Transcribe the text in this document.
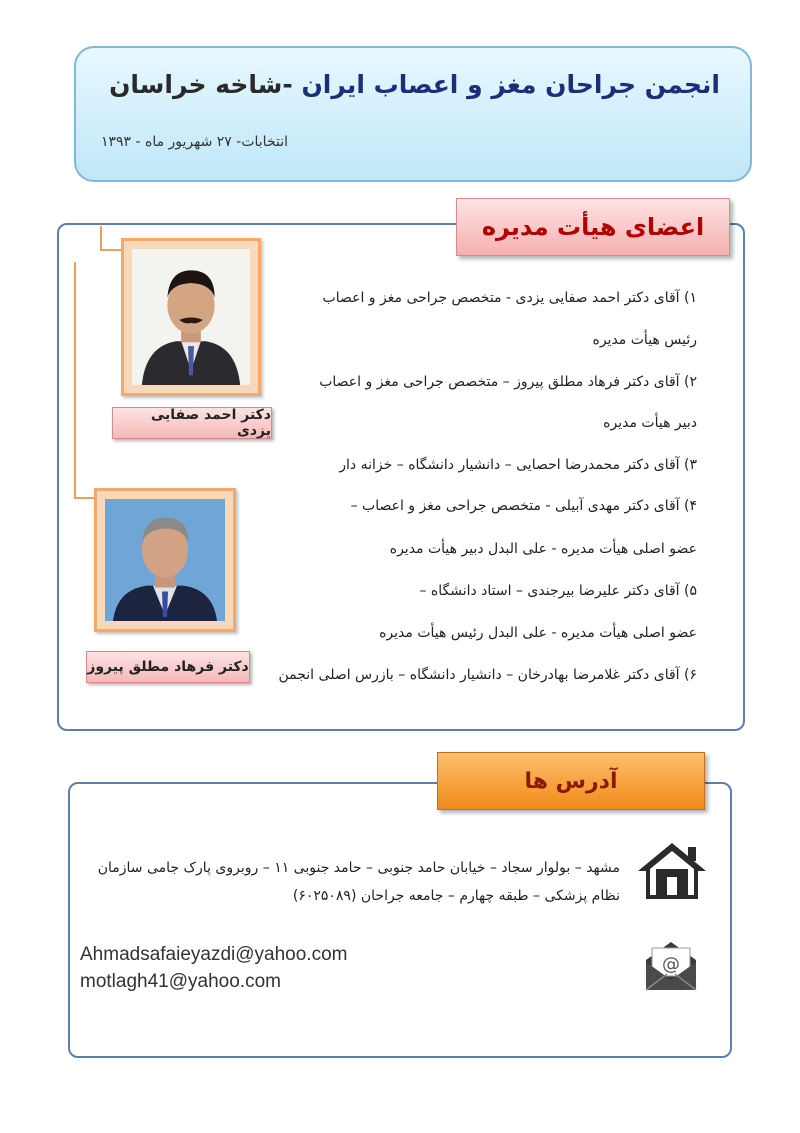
انجمن جراحان مغز و اعصاب ایران -شاخه خراسان
انتخابات- ۲۷ شهریور ماه - ۱۳۹۳
اعضای هیأت مدیره
دکتر احمد صفایی یزدی
دکتر فرهاد مطلق پیروز
۱) آقای دکتر احمد صفایی یزدی - متخصص جراحی مغز و اعصاب
رئیس هیأت مدیره
۲) آقای دکتر فرهاد مطلق پیروز – متخصص جراحی مغز و اعصاب
دبیر هیأت مدیره
۳) آقای دکتر محمدرضا احصایی – دانشیار دانشگاه – خزانه دار
۴) آقای دکتر مهدی آبیلی - متخصص جراحی مغز و اعصاب –
عضو اصلی هیأت مدیره - علی البدل دبیر هیأت مدیره
۵) آقای دکتر علیرضا بیرجندی – استاد دانشگاه –
عضو اصلی هیأت مدیره - علی البدل رئیس هیأت مدیره
۶) آقای دکتر غلامرضا بهادرخان – دانشیار دانشگاه – بازرس اصلی انجمن
آدرس ها
مشهد – بولوار سجاد – خیابان حامد جنوبی – حامد جنوبی ۱۱ – روبروی پارک جامی سازمان
نظام پزشکی – طبقه چهارم – جامعه جراحان (۶۰۲۵۰۸۹)
@
Ahmadsafaieyazdi@yahoo.com
motlagh41@yahoo.com
